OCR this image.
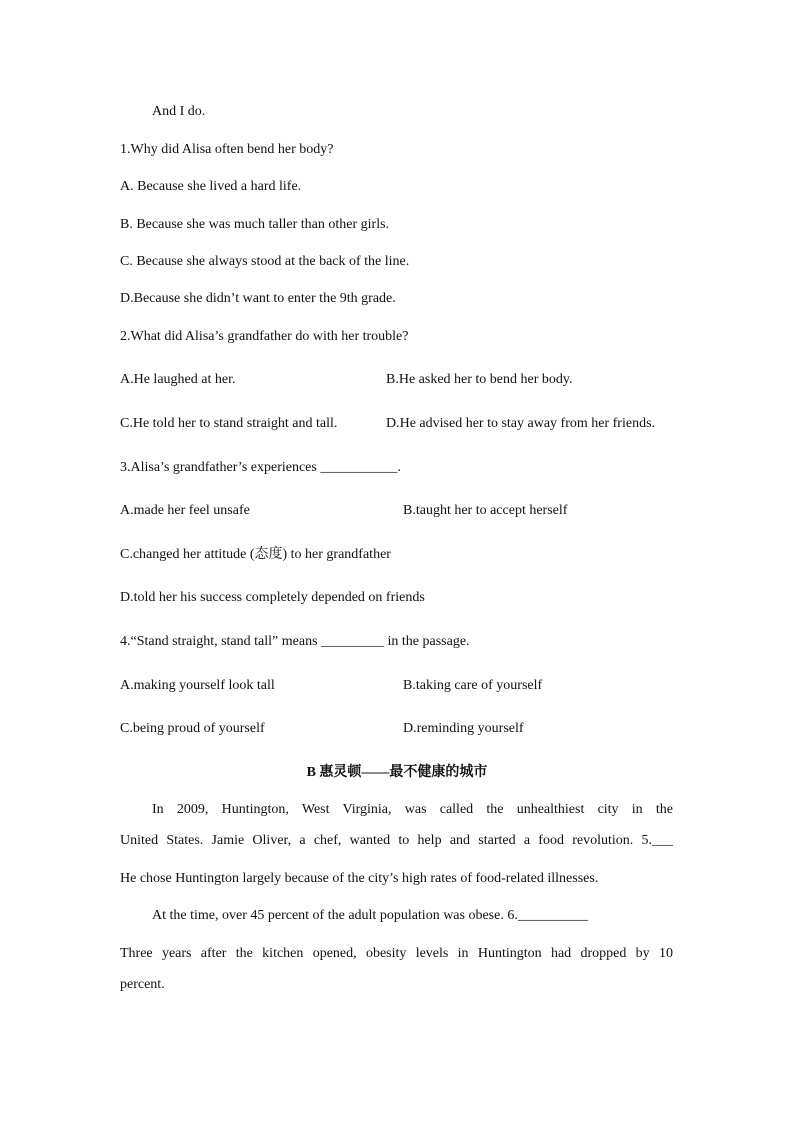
And I do.
1.Why did Alisa often bend her body?
A. Because she lived a hard life.
B. Because she was much taller than other girls.
C. Because she always stood at the back of the line.
D.Because she didn’t want to enter the 9th grade.
2.What did Alisa’s grandfather do with her trouble?
A.He laughed at her.	B.He asked her to bend her body.
C.He told her to stand straight and tall.	D.He advised her to stay away from her friends.
3.Alisa’s grandfather’s experiences ___________.
A.made her feel unsafe	B.taught her to accept herself
C.changed her attitude (态度) to her grandfather
D.told her his success completely depended on friends
4.“Stand straight, stand tall” means _________ in the passage.
A.making yourself look tall	B.taking care of yourself
C.being proud of yourself	D.reminding yourself
B 惠灵顿——最不健康的城市
In 2009, Huntington, West Virginia, was called the unhealthiest city in the
United States. Jamie Oliver, a chef, wanted to help and started a food revolution. 5.___
He chose Huntington largely because of the city’s high rates of food-related illnesses.
At the time, over 45 percent of the adult population was obese. 6.__________
Three years after the kitchen opened, obesity levels in Huntington had dropped by 10
percent.
